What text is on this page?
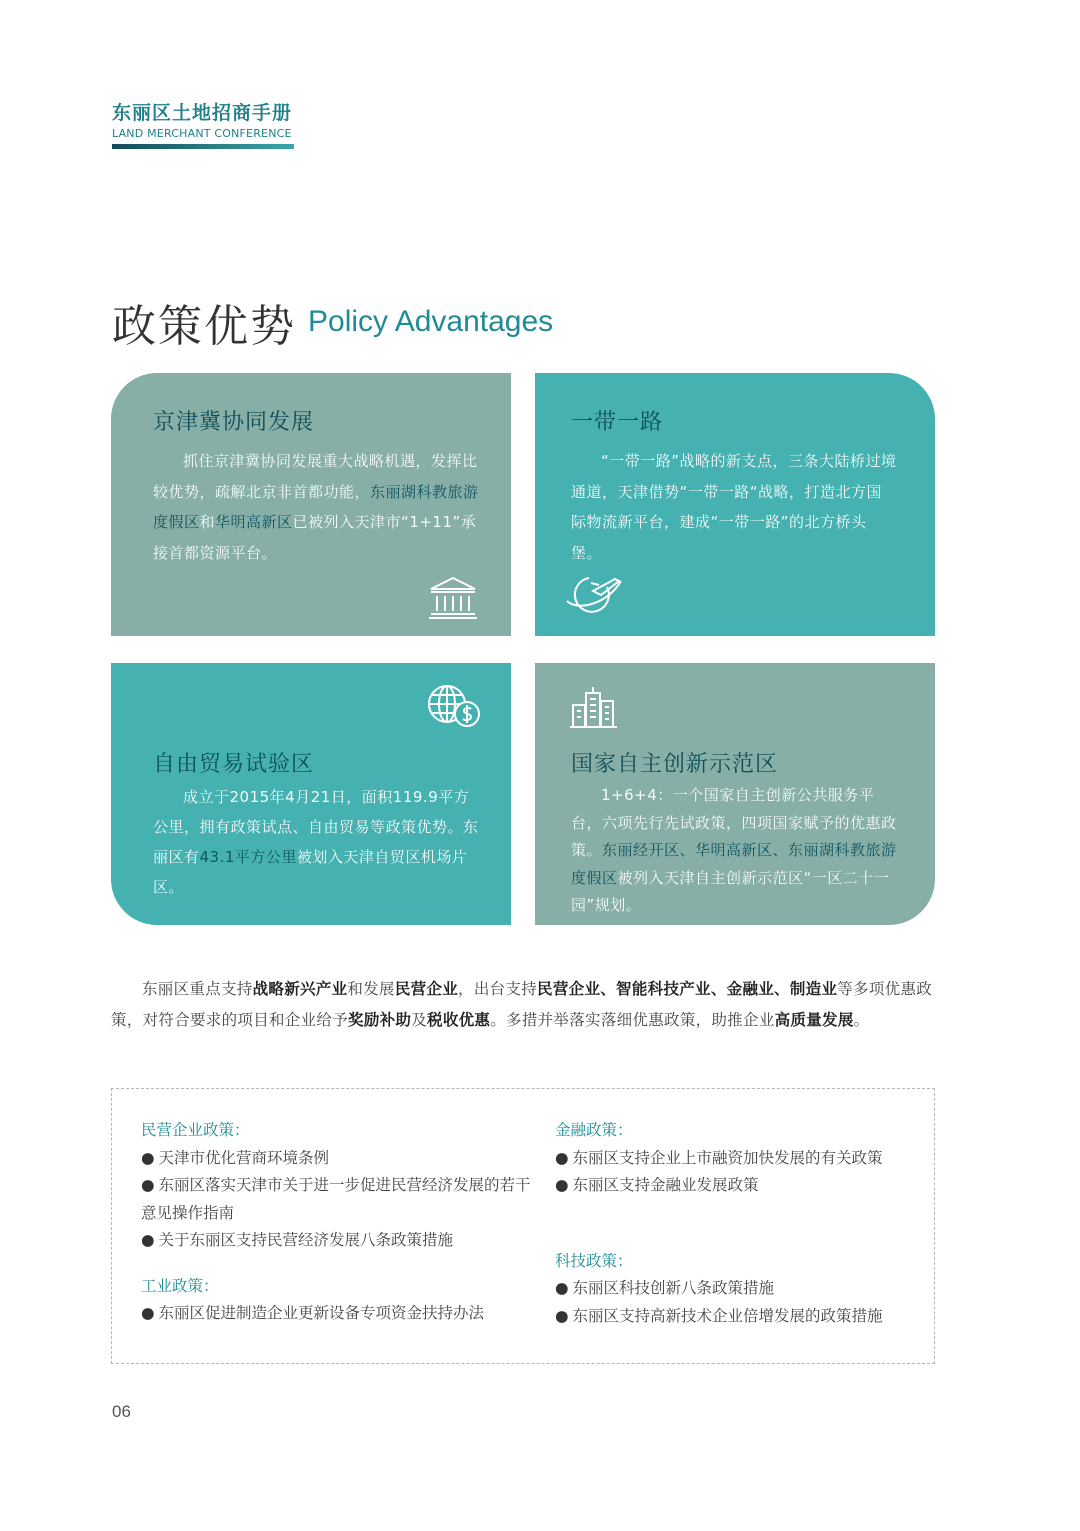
东丽区土地招商手册
LAND MERCHANT CONFERENCE
政策优势 Policy Advantages
京津冀协同发展

抓住京津冀协同发展重大战略机遇，发挥比较优势，疏解北京非首都功能，东丽湖科教旅游度假区和华明高新区已被列入天津市“1+11”承接首都资源平台。

一带一路

“一带一路”战略的新支点，三条大陆桥过境通道，天津借势“一带一路“战略，打造北方国际物流新平台，建成“一带一路”的北方桥头堡。

自由贸易试验区

成立于2015年4月21日，面积119.9平方公里，拥有政策试点、自由贸易等政策优势。东丽区有43.1平方公里被划入天津自贸区机场片区。

国家自主创新示范区

1+6+4：一个国家自主创新公共服务平台，六项先行先试政策，四项国家赋予的优惠政策。东丽经开区、华明高新区、东丽湖科教旅游度假区被列入天津自主创新示范区“一区二十一园”规划。

东丽区重点支持战略新兴产业和发展民营企业，出台支持民营企业、智能科技产业、金融业、制造业等多项优惠政策，对符合要求的项目和企业给予奖励补助及税收优惠。多措并举落实落细优惠政策，助推企业高质量发展。
民营企业政策：
● 天津市优化营商环境条例
● 东丽区落实天津市关于进一步促进民营经济发展的若干意见操作指南
● 关于东丽区支持民营经济发展八条政策措施
工业政策：
● 东丽区促进制造企业更新设备专项资金扶持办法
金融政策：
● 东丽区支持企业上市融资加快发展的有关政策
● 东丽区支持金融业发展政策
科技政策：
● 东丽区科技创新八条政策措施
● 东丽区支持高新技术企业倍增发展的政策措施
06
